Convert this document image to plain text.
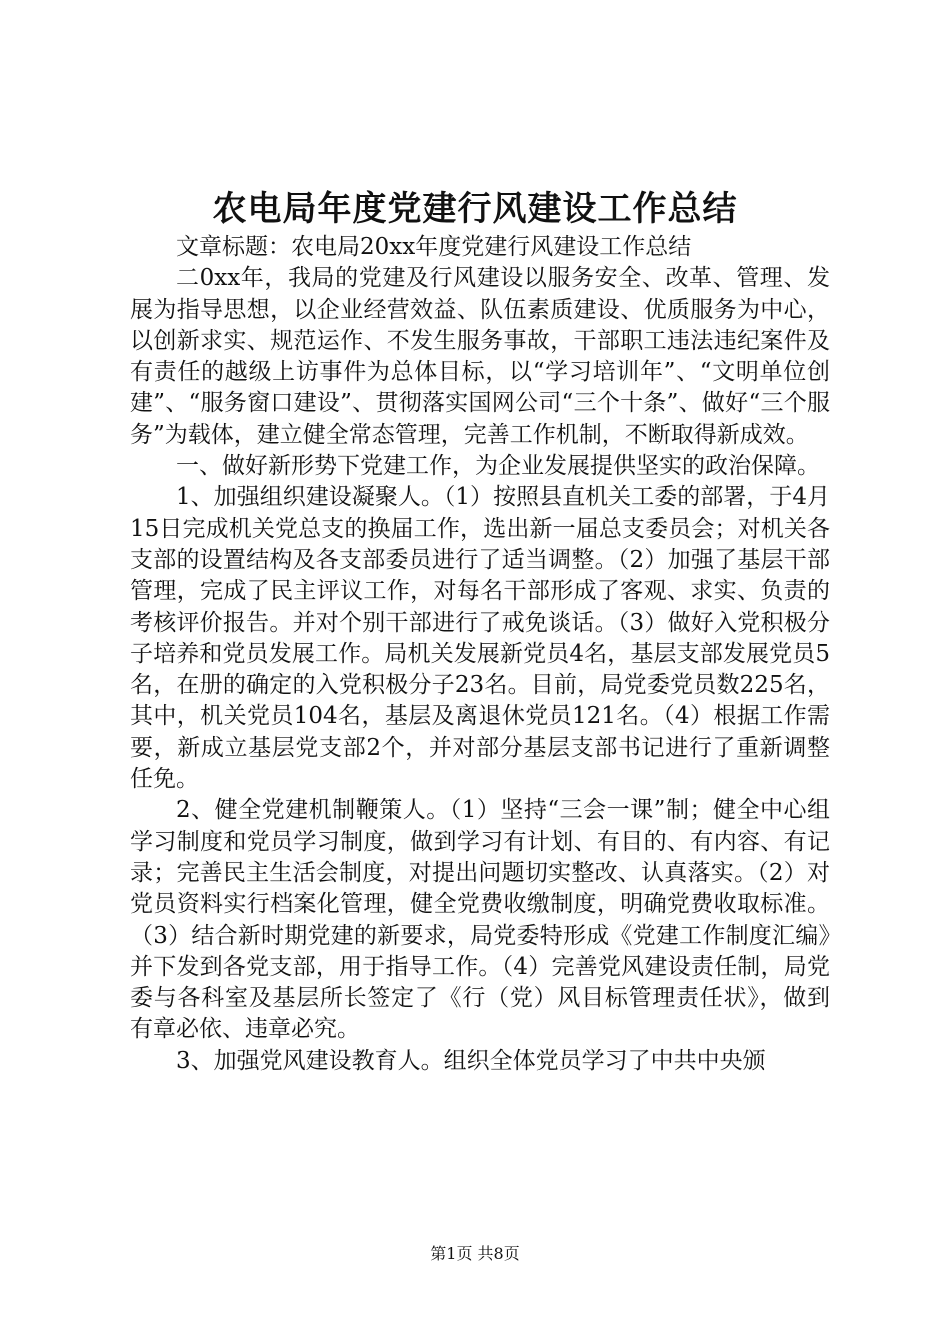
农电局年度党建行风建设工作总结

文章标题：农电局20xx年度党建行风建设工作总结

二0xx年，我局的党建及行风建设以服务安全、改革、管理、发展为指导思想，以企业经营效益、队伍素质建设、优质服务为中心，以创新求实、规范运作、不发生服务事故，干部职工违法违纪案件及有责任的越级上访事件为总体目标，以“学习培训年”、“文明单位创建”、“服务窗口建设”、贯彻落实国网公司“三个十条”、做好“三个服务”为载体，建立健全常态管理，完善工作机制，不断取得新成效。

一、做好新形势下党建工作，为企业发展提供坚实的政治保障。

1、加强组织建设凝聚人。（1）按照县直机关工委的部署，于4月15日完成机关党总支的换届工作，选出新一届总支委员会；对机关各支部的设置结构及各支部委员进行了适当调整。（2）加强了基层干部管理，完成了民主评议工作，对每名干部形成了客观、求实、负责的考核评价报告。并对个别干部进行了戒免谈话。（3）做好入党积极分子培养和党员发展工作。局机关发展新党员4名，基层支部发展党员5名，在册的确定的入党积极分子23名。目前，局党委党员数225名，其中，机关党员104名，基层及离退休党员121名。（4）根据工作需要，新成立基层党支部2个，并对部分基层支部书记进行了重新调整任免。

2、健全党建机制鞭策人。（1）坚持“三会一课”制；健全中心组学习制度和党员学习制度，做到学习有计划、有目的、有内容、有记录；完善民主生活会制度，对提出问题切实整改、认真落实。（2）对党员资料实行档案化管理，健全党费收缴制度，明确党费收取标准。（3）结合新时期党建的新要求，局党委特形成《党建工作制度汇编》并下发到各党支部，用于指导工作。（4）完善党风建设责任制，局党委与各科室及基层所长签定了《行（党）风目标管理责任状》，做到有章必依、违章必究。

3、加强党风建设教育人。组织全体党员学习了中共中央颁

第1页 共8页
